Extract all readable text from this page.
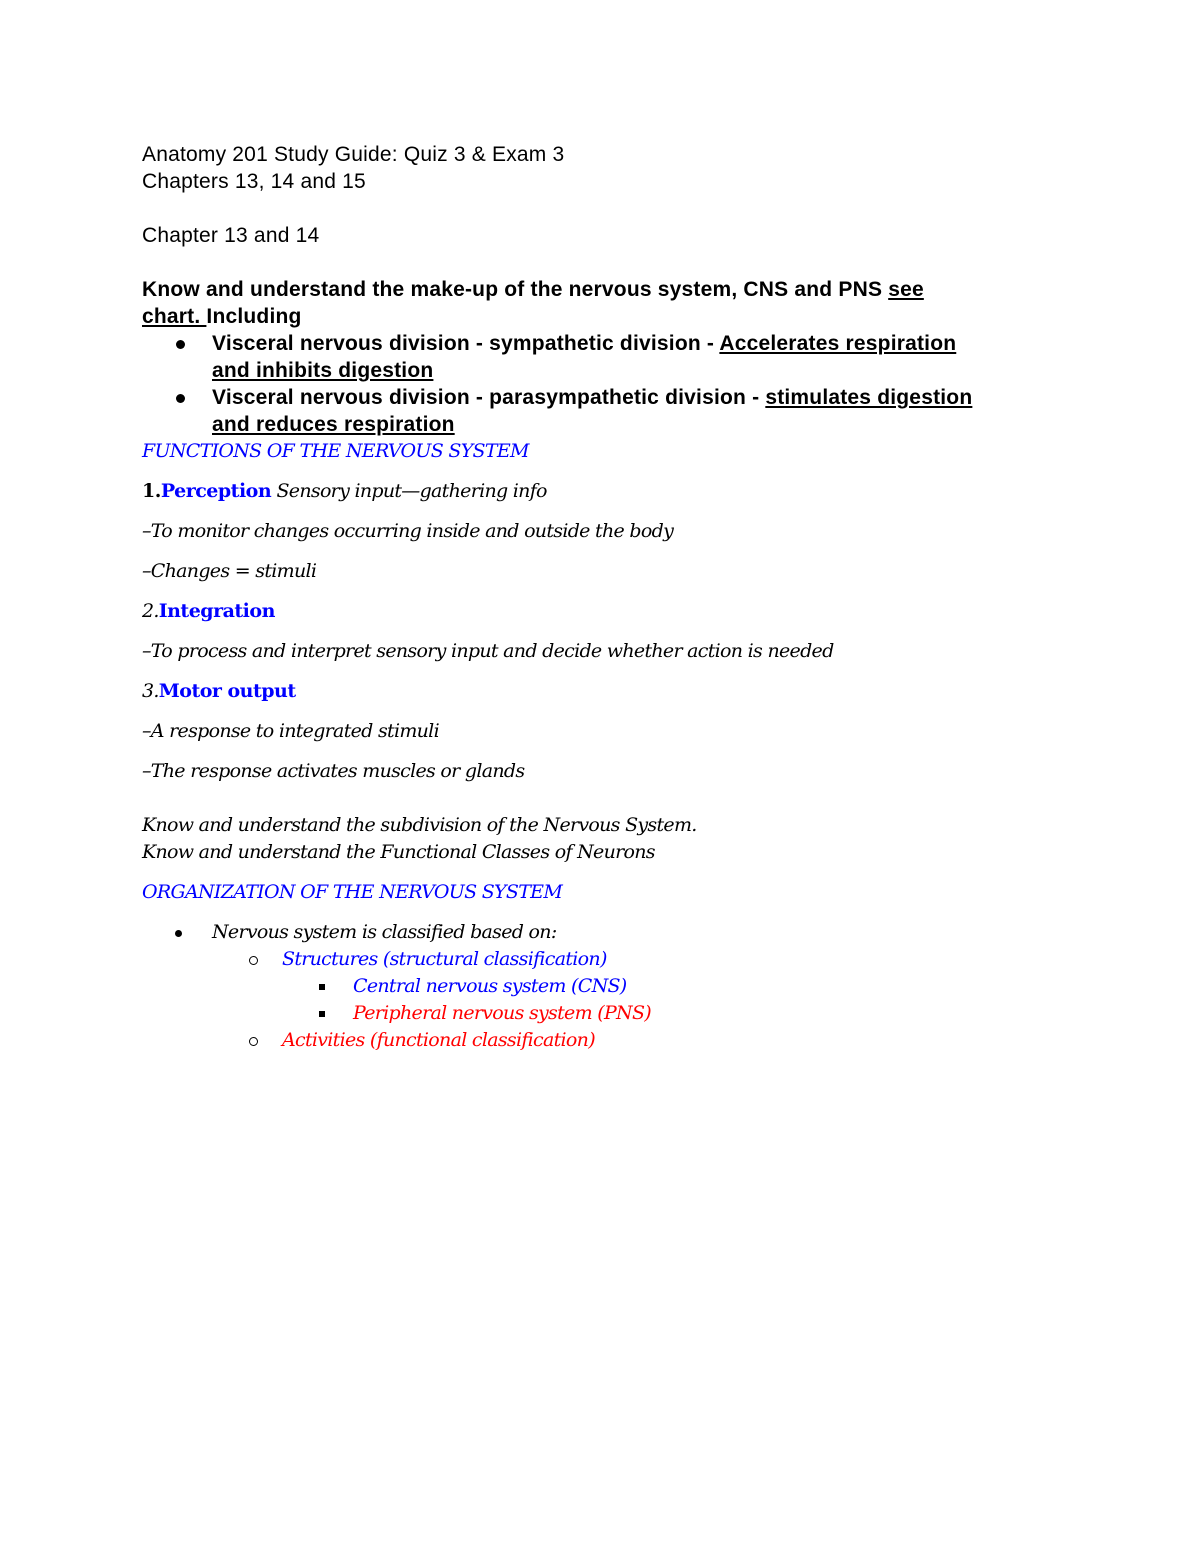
Anatomy 201 Study Guide: Quiz 3 & Exam 3
Chapters 13, 14 and 15
Chapter 13 and 14
Know and understand the make-up of the nervous system, CNS and PNS see
chart. Including
Visceral nervous division - sympathetic division - Accelerates respiration
and inhibits digestion
Visceral nervous division - parasympathetic division - stimulates digestion
and reduces respiration

FUNCTIONS OF THE NERVOUS SYSTEM

1.Perception Sensory input—gathering info

–To monitor changes occurring inside and outside the body

–Changes = stimuli

2.Integration

–To process and interpret sensory input and decide whether action is needed

3.Motor output

–A response to integrated stimuli

–The response activates muscles or glands

Know and understand the subdivision of the Nervous System.

Know and understand the Functional Classes of Neurons

ORGANIZATION OF THE NERVOUS SYSTEM

Nervous system is classified based on:
Structures (structural classification)
Central nervous system (CNS)
Peripheral nervous system (PNS)
Activities (functional classification)
